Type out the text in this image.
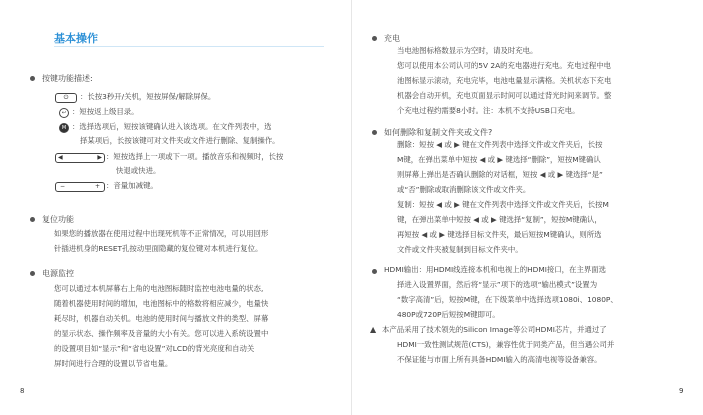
基本操作
按键功能描述:
⏻	：长按3秒开/关机，短按屏保/解除屏保。
↩ ：短按返上级目录。
M ：选择选项后，短按该键确认进入该选项。在文件列表中，选
择某项后，长按该键可对文件夹或文件进行删除、复制操作。
◀	▶ ：短按选择上一项或下一项。播放音乐和视频时，长按
快退或快进。
−	+ ：音量加减键。
复位功能
如果您的播放器在使用过程中出现死机等不正常情况，可以用回形
针插进机身的RESET孔按动里面隐藏的复位键对本机进行复位。
电源监控
您可以通过本机屏幕右上角的电池图标随时监控电池电量的状态,
随着机器使用时间的增加，电池图标中的格数将相应减少，电量快
耗尽时，机器自动关机。电池的使用时间与播放文件的类型、屏幕
的显示状态、操作频率及音量的大小有关。您可以进入系统设置中
的设置项目如“显示”和“省电设置”对LCD的背光亮度和自动关
屏时间进行合理的设置以节省电量。
8
充电
当电池图标格数显示为空时，请及时充电。
您可以使用本公司认可的5V 2A的充电器进行充电。充电过程中电
池图标显示滚动，充电完毕，电池电量显示满格。关机状态下充电
机器会自动开机，充电页面显示时间可以通过背光时间来调节。整
个充电过程约需要8小时。注：本机不支持USB口充电。
如何删除和复制文件夹或文件?
删除：短按 ◀ 或 ▶ 键在文件列表中选择文件或文件夹后，长按
M键，在弹出菜单中短按 ◀ 或 ▶ 键选择“删除”，短按M键确认
则屏幕上弹出是否确认删除的对话框，短按 ◀ 或 ▶ 键选择“是”
或“否”删除或取消删除该文件或文件夹。
复制：短按 ◀ 或 ▶ 键在文件列表中选择文件或文件夹后，长按M
键，在弹出菜单中短按 ◀ 或 ▶ 键选择“复制”，短按M键确认，
再短按 ◀ 或 ▶ 键选择目标文件夹，最后短按M键确认，则所选
文件或文件夹被复制到目标文件夹中。
HDMI输出：用HDMI线连接本机和电视上的HDMI接口，在主界面选
择进入设置界面，然后将“显示”项下的选项“输出模式”设置为
“数字高清”后，短按M键，在下级菜单中选择选项1080i、1080P、
480P或720P后短按M键即可。
▲ 本产品采用了技术领先的Silicon Image等公司HDMI芯片，并通过了
HDMI一致性测试规范(CTS)，兼容性优于同类产品，但当遇公司并
不保证能与市面上所有具备HDMI输入的高清电视等设备兼容。
9
